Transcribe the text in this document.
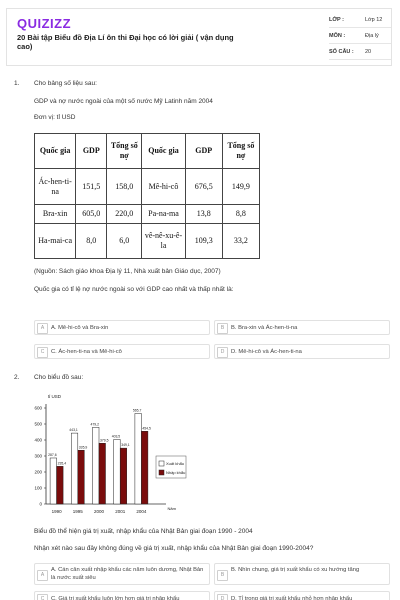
QUIZIZZ
20 Bài tập Biểu đồ Địa Lí ôn thi Đại học có lời giải ( vận dụng cao)
LỚP :	Lớp 12
MÔN :	Địa lý
SỐ CÂU : 20
1. Cho bảng số liệu sau:
GDP và nợ nước ngoài của một số nước Mỹ Latinh năm 2004
Đơn vị: tỉ USD
Quốc gia	GDP	Tổng số nợ	Quốc gia	GDP	Tổng số nợ
Ác-hen-ti-na	151,5	158,0	Mê-hi-cô	676,5	149,9
Bra-xin	605,0	220,0	Pa-na-ma	13,8	8,8
Ha-mai-ca	8,0	6,0	vê-nê-xu-ê-la	109,3	33,2
(Nguồn: Sách giáo khoa Địa lý 11, Nhà xuất bản Giáo dục, 2007)
Quốc gia có tỉ lệ nợ nước ngoài so với GDP cao nhất và thấp nhất là:
A	A. Mê-hi-cô và Bra-xin	B	B. Bra-xin và Ác-hen-ti-na
C	C. Ác-hen-ti-na và Mê-hi-cô	D	D. Mê-hi-cô và Ác-hen-ti-na
2. Cho biểu đồ sau:
tỉ USD
Năm
0
100
200
300
400
500
600
1990 1995 2000 2001 2004
287,6
235,4
443,1
335,9
479,2
379,5
403,5
349,1
565,7
454,5
Xuất khẩu
Nhập khẩu
Biểu đồ thể hiện giá trị xuất, nhập khẩu của Nhật Bản giai đoạn 1990 - 2004
Nhận xét nào sau đây không đúng về giá trị xuất, nhập khẩu của Nhật Bản giai đoạn 1990-2004?
A
A. Cán cân xuất nhập khẩu các năm luôn dương, Nhật Bản là nước xuất siêu	B
B. Nhìn chung, giá trị xuất khẩu có xu hướng tăng
C	C. Giá trị xuất khẩu luôn lớn hơn giá trị nhập khẩu	D	D. Tỉ trọng giá trị xuất khẩu nhỏ hơn nhập khẩu
